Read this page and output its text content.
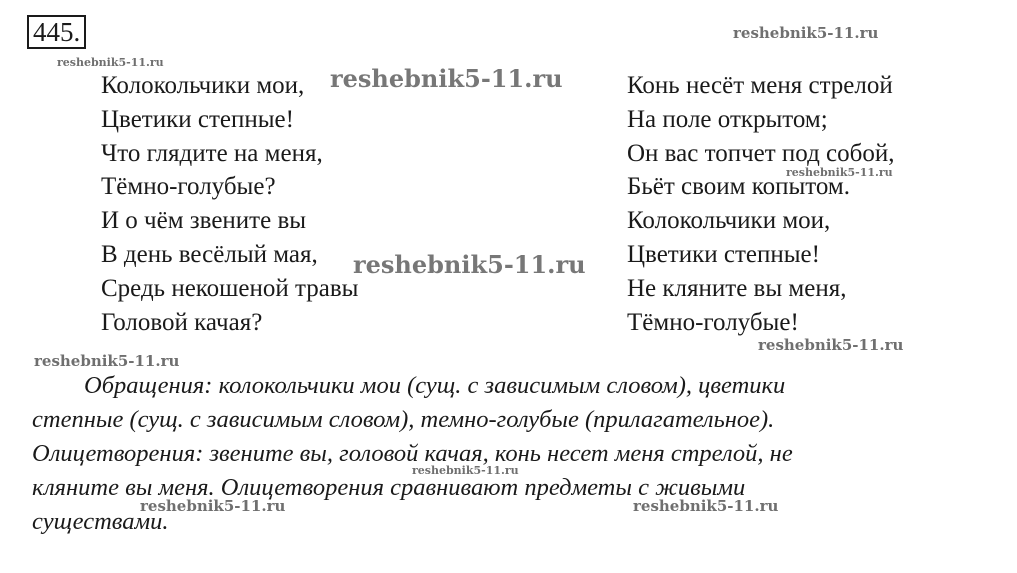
445.
Колокольчики мои,
Цветики степные!
Что глядите на меня,
Тёмно-голубые?
И о чём звените вы
В день весёлый мая,
Средь некошеной травы
Головой качая?
Конь несёт меня стрелой
На поле открытом;
Он вас топчет под собой,
Бьёт своим копытом.
Колокольчики мои,
Цветики степные!
Не кляните вы меня,
Тёмно-голубые!
Обращения: колокольчики мои (сущ. с зависимым словом), цветики
степные (сущ. с зависимым словом), темно-голубые (прилагательное).
Олицетворения: звените вы, головой качая, конь несет меня стрелой, не
кляните вы меня. Олицетворения сравнивают предметы с живыми
существами.
reshebnik5-11.ru
reshebnik5-11.ru
reshebnik5-11.ru
reshebnik5-11.ru
reshebnik5-11.ru
reshebnik5-11.ru
reshebnik5-11.ru
reshebnik5-11.ru
reshebnik5-11.ru	reshebnik5-11.ru
